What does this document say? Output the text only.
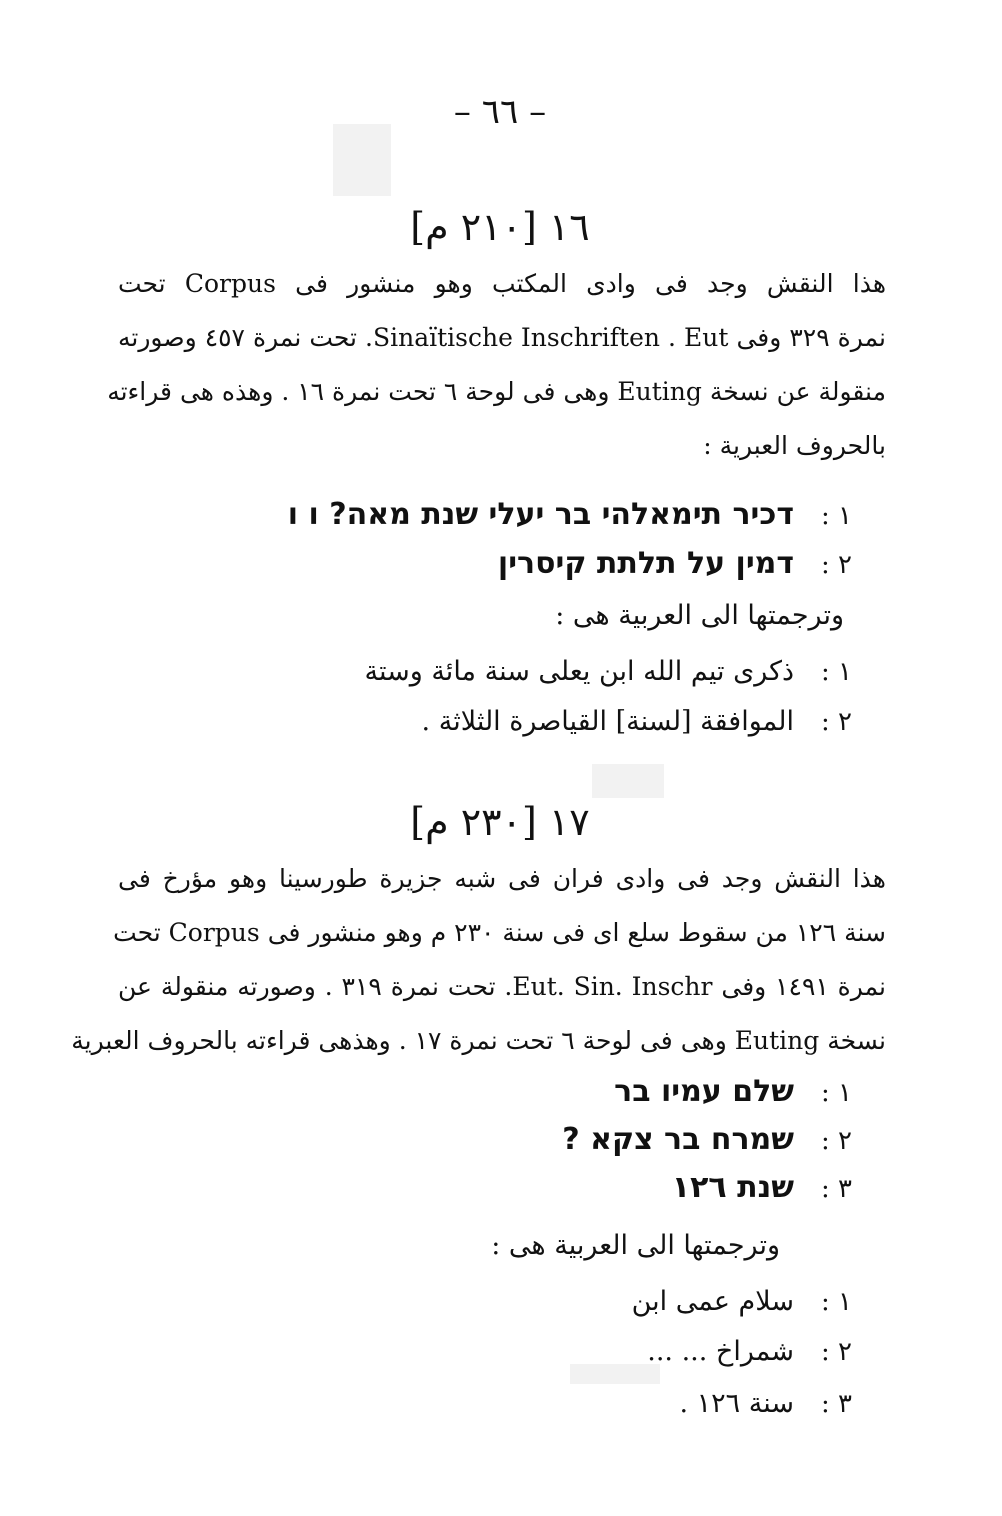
– ٦٦ –
١٦ [٢١٠ م]
هذا النقش وجد فى وادى المكتب وهو منشور فى Corpus تحت
نمرة ٣٢٩ وفى Sinaïtische Inschriften . Eut. تحت نمرة ٤٥٧ وصورته
منقولة عن نسخة Euting وهى فى لوحة ٦ تحت نمرة ١٦ . وهذه هى قراءته
بالحروف العبرية :
١ :
דכיר תימאלהי בר יעלי שנת מאה? ו ו
٢ :
דמין על תלתת קיסרין
وترجمتها الى العربية هى :
١ :
ذكرى تيم الله ابن يعلى سنة مائة وستة
٢ :
الموافقة [لسنة] القياصرة الثلاثة .
١٧ [٢٣٠ م]
هذا النقش وجد فى وادى فران فى شبه جزيرة طورسينا وهو مؤرخ فى
سنة ١٢٦ من سقوط سلع اى فى سنة ٢٣٠ م وهو منشور فى Corpus تحت
نمرة ١٤٩١ وفى Eut. Sin. Inschr. تحت نمرة ٣١٩ . وصورته منقولة عن
نسخة Euting وهى فى لوحة ٦ تحت نمرة ١٧ . وهذهى قراءته بالحروف العبرية
١ :
שלם עמיו בר
٢ :
שמרח בר צקא ?
٣ :
שנת ١٢٦
وترجمتها الى العربية هى :
١ :
سلام عمى ابن
٢ :
شمراخ ... ...
٣ :
سنة ١٢٦ .
